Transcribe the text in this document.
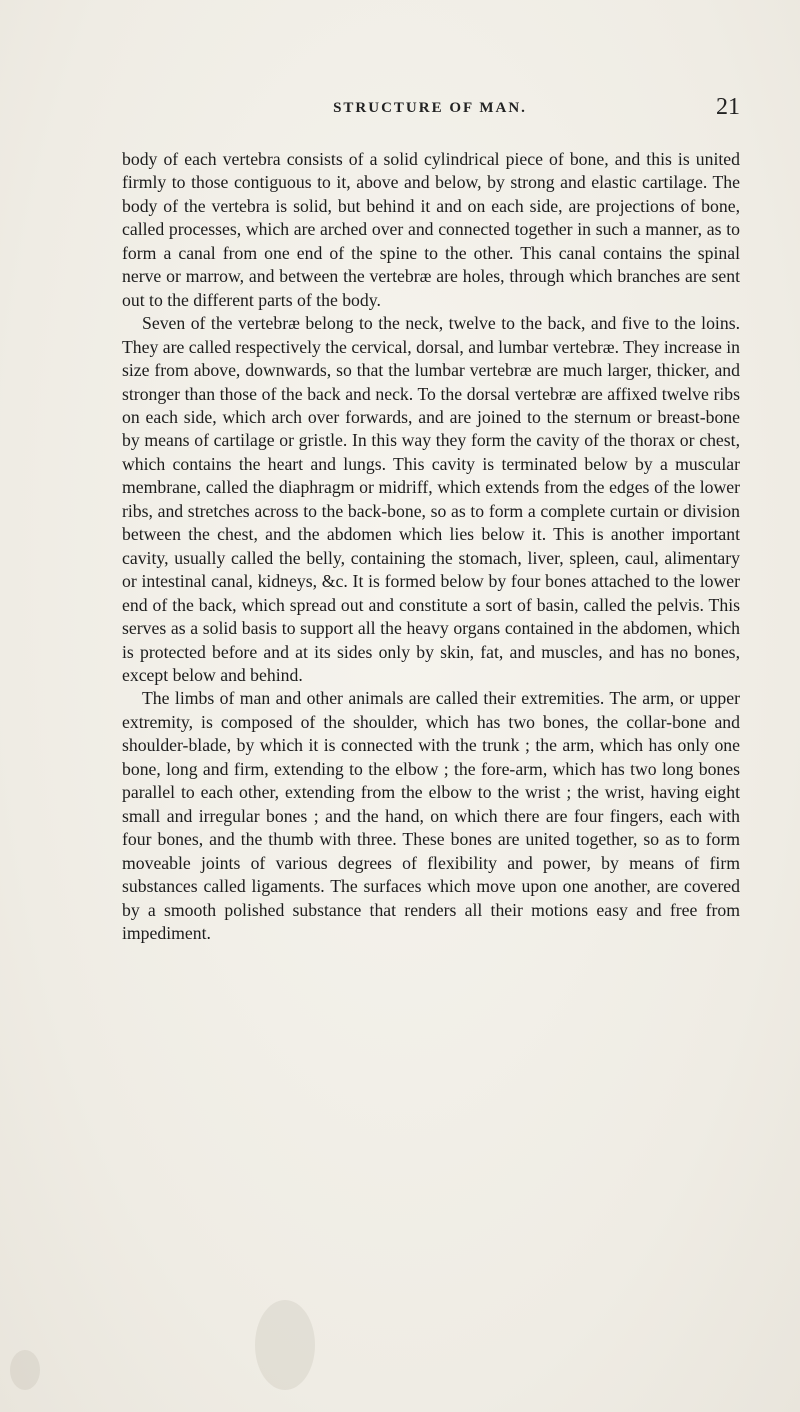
STRUCTURE OF MAN.	21

body of each vertebra consists of a solid cylindrical piece of bone, and this is united firmly to those contiguous to it, above and below, by strong and elastic cartilage. The body of the vertebra is solid, but behind it and on each side, are projections of bone, called processes, which are arched over and connected together in such a manner, as to form a canal from one end of the spine to the other. This canal contains the spinal nerve or marrow, and between the vertebræ are holes, through which branches are sent out to the different parts of the body.

Seven of the vertebræ belong to the neck, twelve to the back, and five to the loins. They are called respectively the cervical, dorsal, and lumbar vertebræ. They increase in size from above, downwards, so that the lumbar vertebræ are much larger, thicker, and stronger than those of the back and neck. To the dorsal vertebræ are affixed twelve ribs on each side, which arch over forwards, and are joined to the sternum or breast-bone by means of cartilage or gristle. In this way they form the cavity of the thorax or chest, which contains the heart and lungs. This cavity is terminated below by a muscular membrane, called the diaphragm or midriff, which extends from the edges of the lower ribs, and stretches across to the back-bone, so as to form a complete curtain or division between the chest, and the abdomen which lies below it. This is another important cavity, usually called the belly, containing the stomach, liver, spleen, caul, alimentary or intestinal canal, kidneys, &c. It is formed below by four bones attached to the lower end of the back, which spread out and constitute a sort of basin, called the pelvis. This serves as a solid basis to support all the heavy organs contained in the abdomen, which is protected before and at its sides only by skin, fat, and muscles, and has no bones, except below and behind.

The limbs of man and other animals are called their extremities. The arm, or upper extremity, is composed of the shoulder, which has two bones, the collar-bone and shoulder-blade, by which it is connected with the trunk ; the arm, which has only one bone, long and firm, extending to the elbow ; the fore-arm, which has two long bones parallel to each other, extending from the elbow to the wrist ; the wrist, having eight small and irregular bones ; and the hand, on which there are four fingers, each with four bones, and the thumb with three. These bones are united together, so as to form moveable joints of various degrees of flexibility and power, by means of firm substances called ligaments. The surfaces which move upon one another, are covered by a smooth polished substance that renders all their motions easy and free from impediment.
